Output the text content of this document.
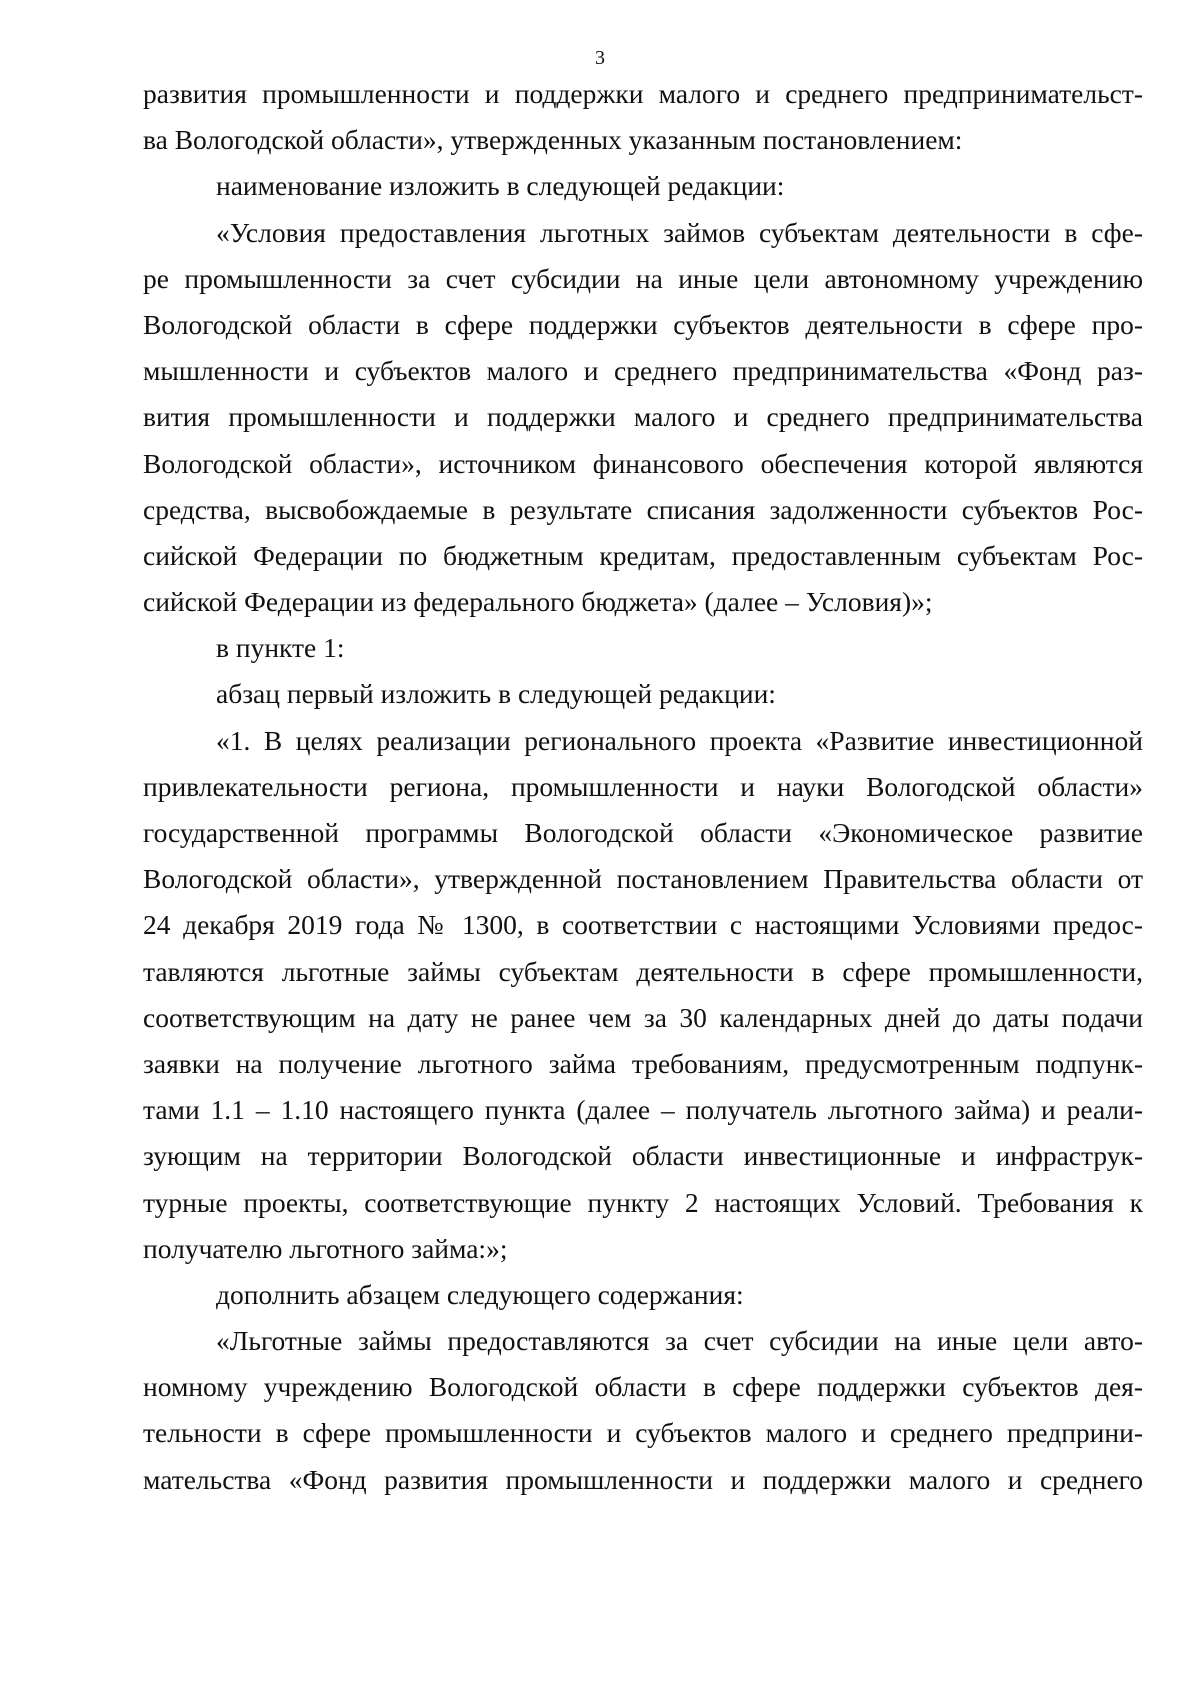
3
развития промышленности и поддержки малого и среднего предпринимательст-
ва Вологодской области», утвержденных указанным постановлением:
наименование изложить в следующей редакции:
«Условия предоставления льготных займов субъектам деятельности в сфе-
ре промышленности за счет субсидии на иные цели автономному учреждению
Вологодской области в сфере поддержки субъектов деятельности в сфере про-
мышленности и субъектов малого и среднего предпринимательства «Фонд раз-
вития промышленности и поддержки малого и среднего предпринимательства
Вологодской области», источником финансового обеспечения которой являются
средства, высвобождаемые в результате списания задолженности субъектов Рос-
сийской Федерации по бюджетным кредитам, предоставленным субъектам Рос-
сийской Федерации из федерального бюджета» (далее – Условия)»;
в пункте 1:
абзац первый изложить в следующей редакции:
«1. В целях реализации регионального проекта «Развитие инвестиционной
привлекательности региона, промышленности и науки Вологодской области»
государственной программы Вологодской области «Экономическое развитие
Вологодской области», утвержденной постановлением Правительства области от
24 декабря 2019 года № 1300, в соответствии с настоящими Условиями предос-
тавляются льготные займы субъектам деятельности в сфере промышленности,
соответствующим на дату не ранее чем за 30 календарных дней до даты подачи
заявки на получение льготного займа требованиям, предусмотренным подпунк-
тами 1.1 – 1.10 настоящего пункта (далее – получатель льготного займа) и реали-
зующим на территории Вологодской области инвестиционные и инфраструк-
турные проекты, соответствующие пункту 2 настоящих Условий. Требования к
получателю льготного займа:»;
дополнить абзацем следующего содержания:
«Льготные займы предоставляются за счет субсидии на иные цели авто-
номному учреждению Вологодской области в сфере поддержки субъектов дея-
тельности в сфере промышленности и субъектов малого и среднего предприни-
мательства «Фонд развития промышленности и поддержки малого и среднего
